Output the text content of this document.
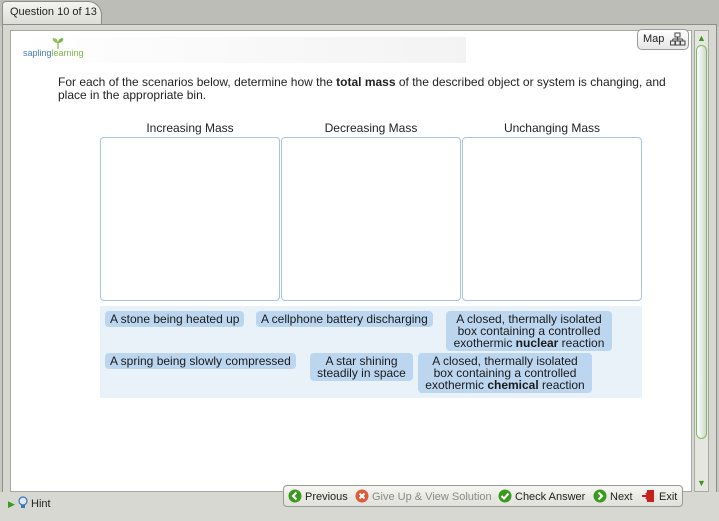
Question 10 of 13
▲
▼
saplinglearning
Map
For each of the scenarios below, determine how the total mass of the described object or system is changing, and place in the appropriate bin.
Increasing Mass	Decreasing Mass	Unchanging Mass
A stone being heated up	A cellphone battery discharging	A closed, thermally isolated
box containing a controlled
exothermic nuclear reaction
A spring being slowly compressed	A star shining
steadily in space
A closed, thermally isolated
box containing a controlled
exothermic chemical reaction
▶ Hint
Previous	Give Up & View Solution	Check Answer	Next	Exit
